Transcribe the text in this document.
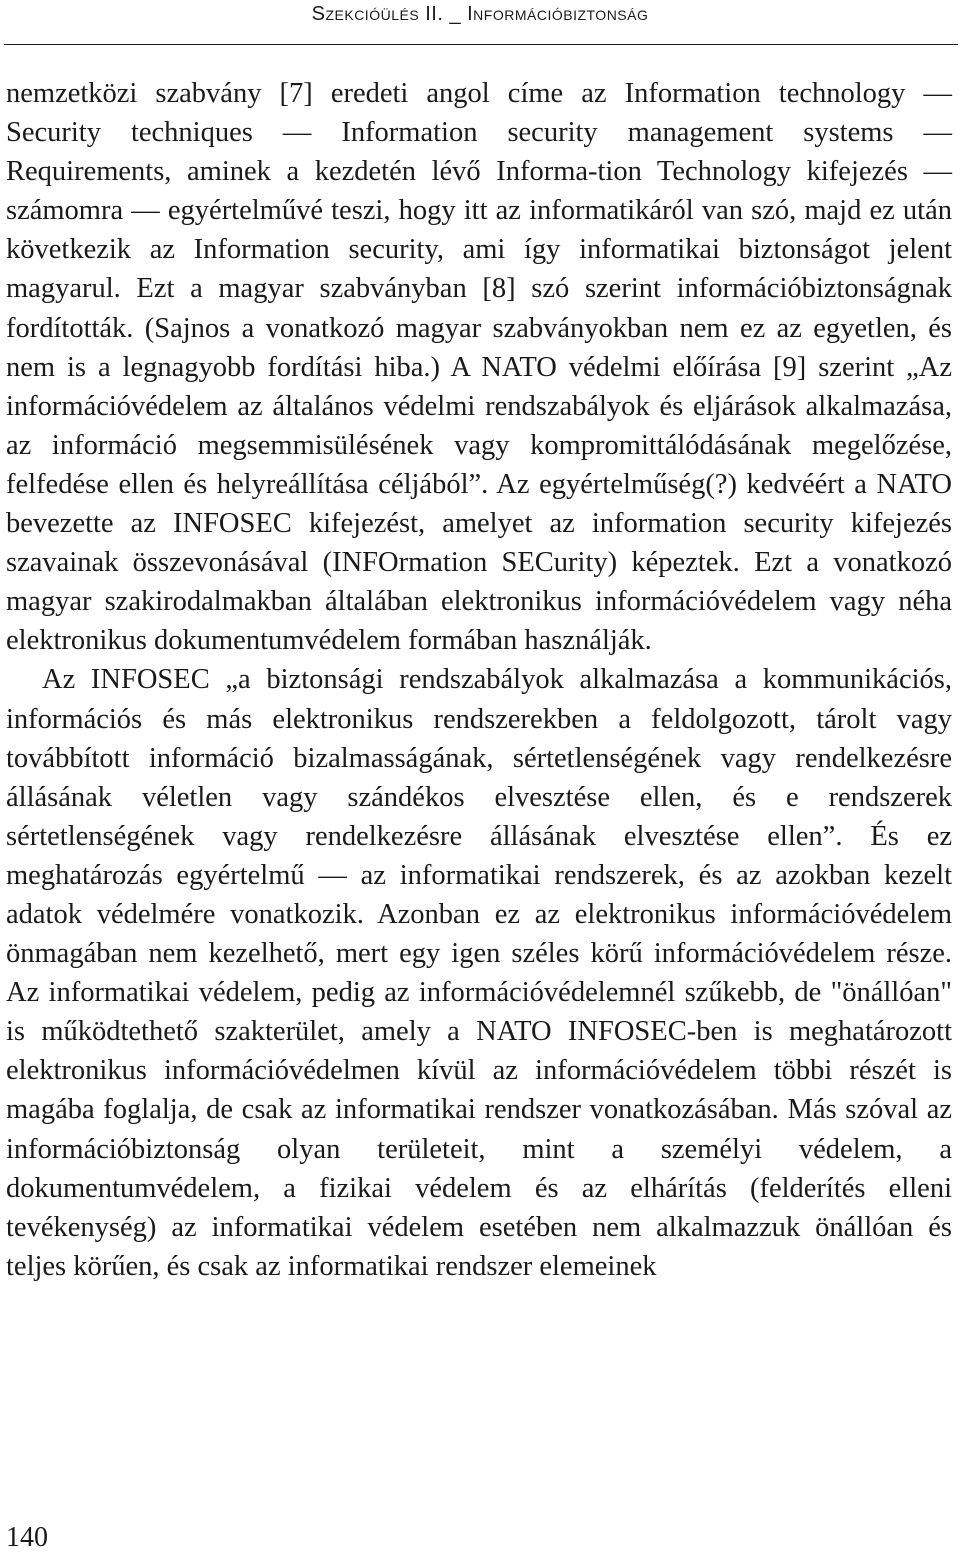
Szekcióülés II. _ Információbiztonság

nemzetközi szabvány [7] eredeti angol címe az Information technology — Security techniques — Information security management systems — Requirements, aminek a kezdetén lévő Informa-tion Technology kifejezés — számomra — egyértelművé teszi, hogy itt az informatikáról van szó, majd ez után következik az Information security, ami így informatikai biztonságot jelent magyarul. Ezt a magyar szabványban [8] szó szerint információbiztonságnak fordították. (Sajnos a vonatkozó magyar szabványokban nem ez az egyetlen, és nem is a legnagyobb fordítási hiba.) A NATO védelmi előírása [9] szerint „Az információvédelem az általános védelmi rendszabályok és eljárások alkalmazása, az információ megsemmisülésének vagy kompromittálódásának megelőzése, felfedése ellen és helyreállítása céljából”. Az egyértelműség(?) kedvéért a NATO bevezette az INFOSEC kifejezést, amelyet az information security kifejezés szavainak összevonásával (INFOrmation SECurity) képeztek. Ezt a vonatkozó magyar szakirodalmakban általában elektronikus információvédelem vagy néha elektronikus dokumentumvédelem formában használják.

Az INFOSEC „a biztonsági rendszabályok alkalmazása a kommunikációs, információs és más elektronikus rendszerekben a feldolgozott, tárolt vagy továbbított információ bizalmasságának, sértetlenségének vagy rendelkezésre állásának véletlen vagy szándékos elvesztése ellen, és e rendszerek sértetlenségének vagy rendelkezésre állásának elvesztése ellen”. És ez meghatározás egyértelmű — az informatikai rendszerek, és az azokban kezelt adatok védelmére vonatkozik. Azonban ez az elektronikus információvédelem önmagában nem kezelhető, mert egy igen széles körű információvédelem része. Az informatikai védelem, pedig az információvédelemnél szűkebb, de "önállóan" is működtethető szakterület, amely a NATO INFOSEC-ben is meghatározott elektronikus információvédelmen kívül az információvédelem többi részét is magába foglalja, de csak az informatikai rendszer vonatkozásában. Más szóval az információbiztonság olyan területeit, mint a személyi védelem, a dokumentumvédelem, a fizikai védelem és az elhárítás (felderítés elleni tevékenység) az informatikai védelem esetében nem alkalmazzuk önállóan és teljes körűen, és csak az informatikai rendszer elemeinek

140
